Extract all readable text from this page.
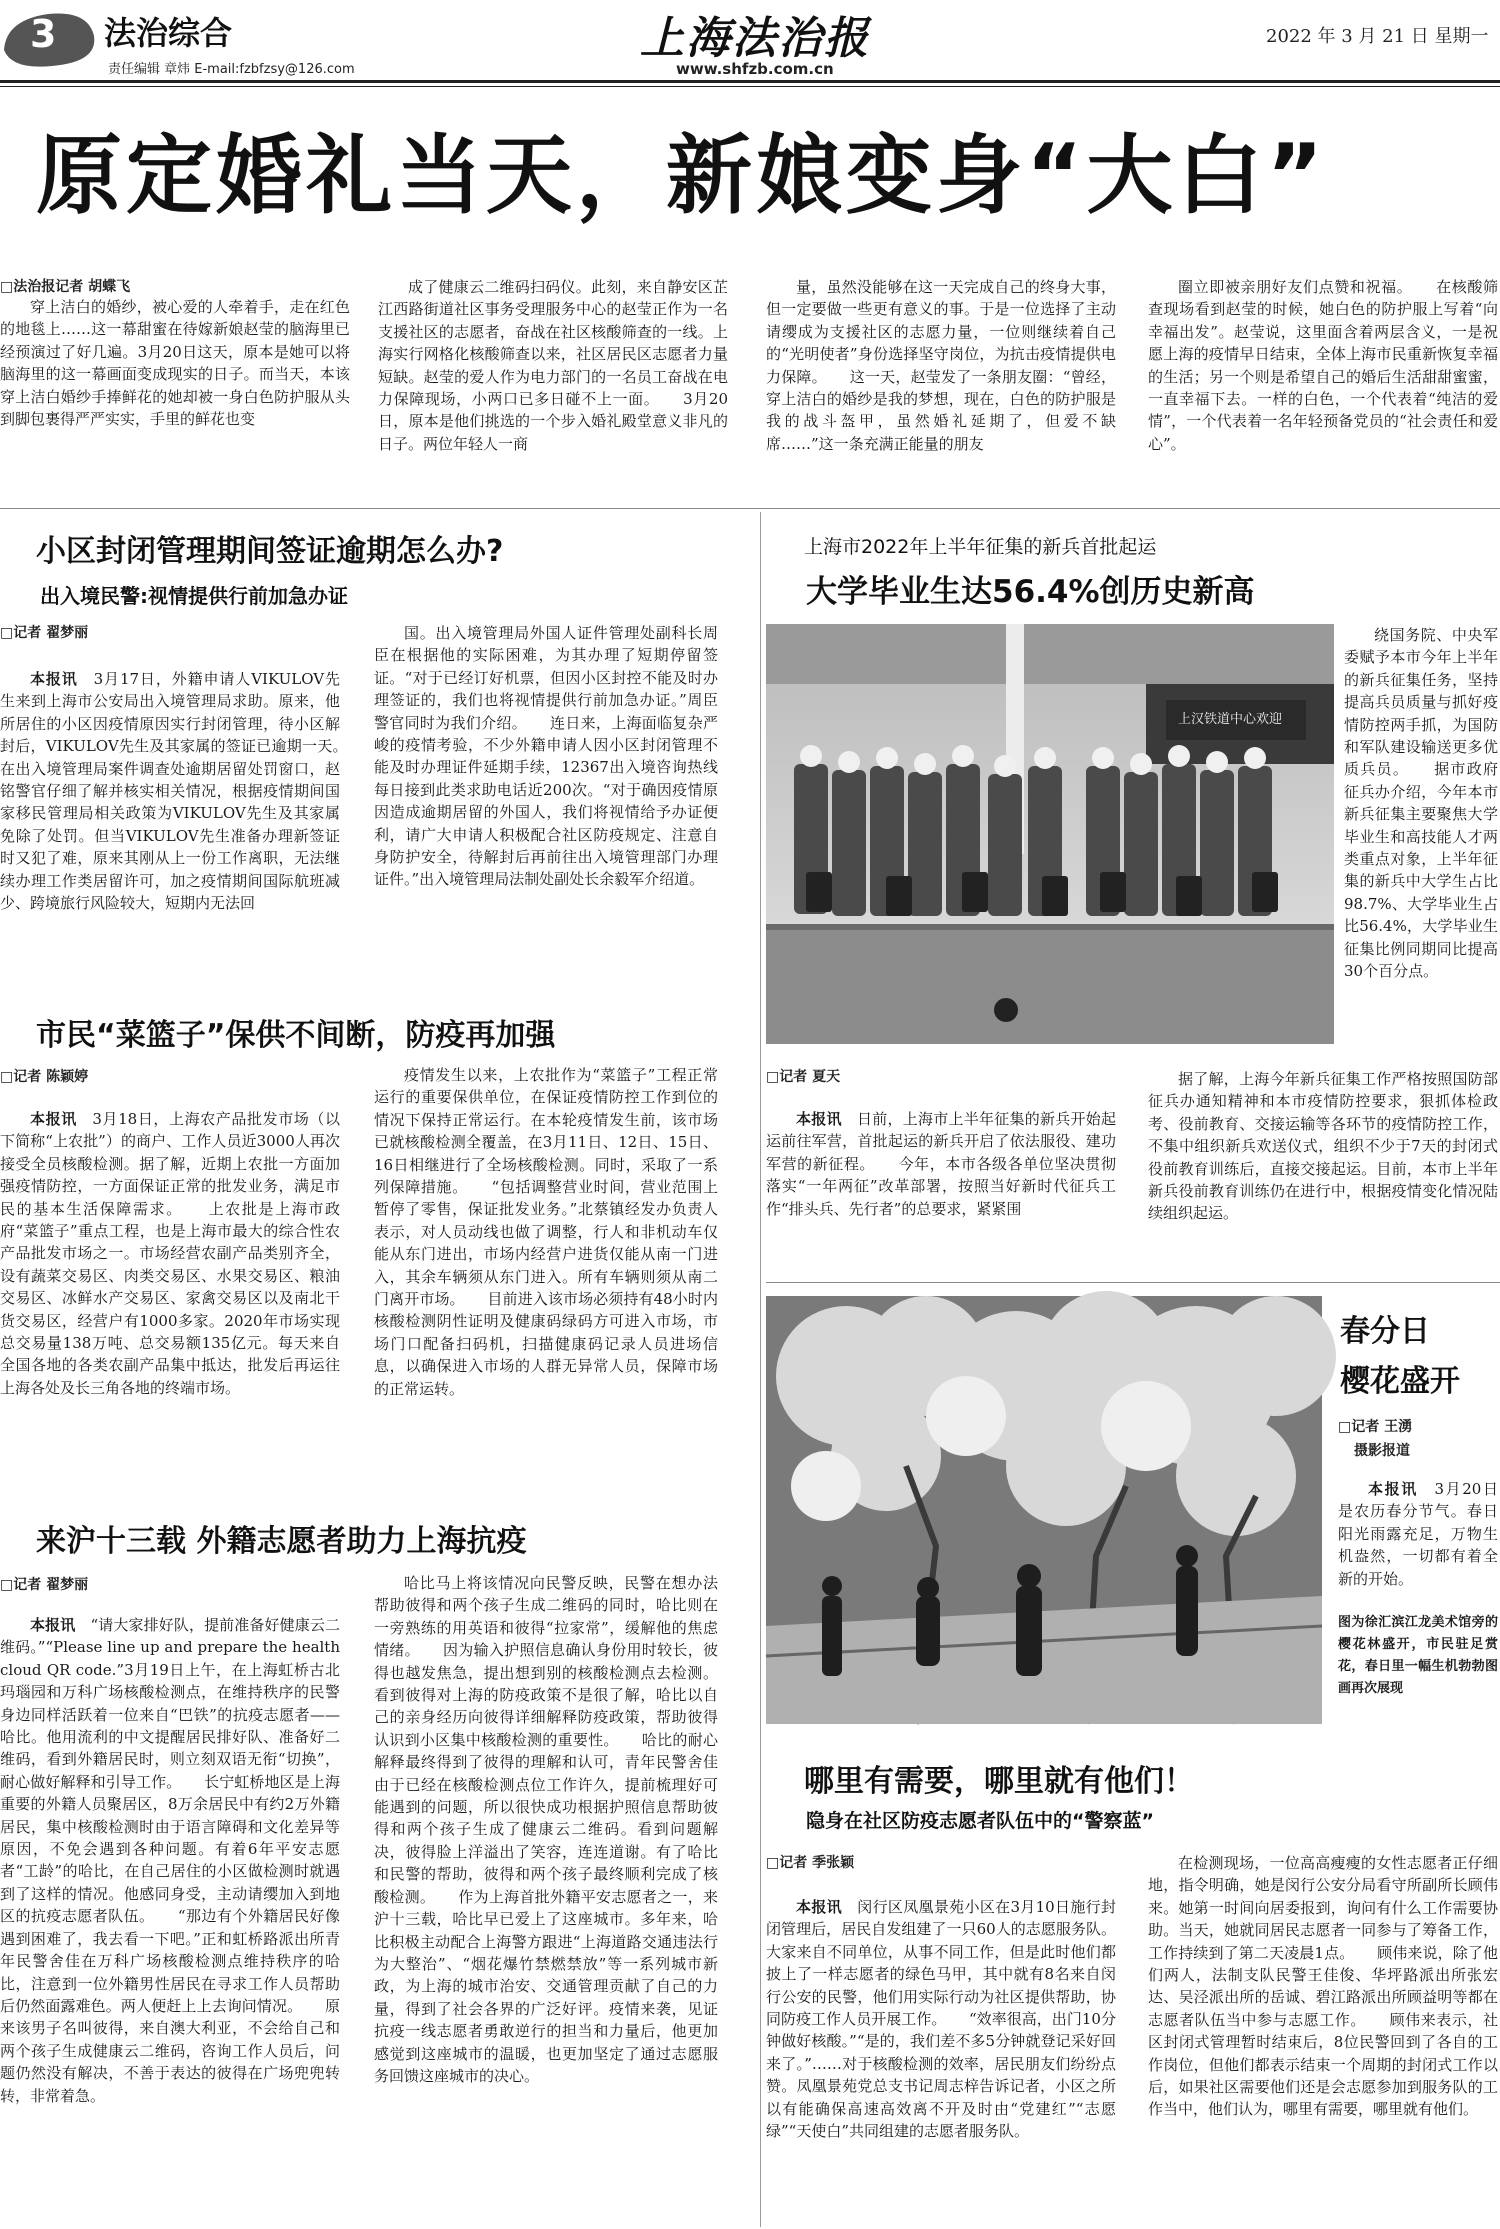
3 法治综合
责任编辑 章炜 E-mail:fzbfzsy@126.com
上海法治报
www.shfzb.com.cn
2022 年 3 月 21 日 星期一
原定婚礼当天，新娘变身“大白”
□法治报记者 胡蝶飞

穿上洁白的婚纱，被心爱的人牵着手，走在红色的地毯上……这一幕甜蜜在待嫁新娘赵莹的脑海里已经预演过了好几遍。3月20日这天，原本是她可以将脑海里的这一幕画面变成现实的日子。而当天，本该穿上洁白婚纱手捧鲜花的她却被一身白色防护服从头到脚包裹得严严实实，手里的鲜花也变

成了健康云二维码扫码仪。此刻，来自静安区芷江西路街道社区事务受理服务中心的赵莹正作为一名支援社区的志愿者，奋战在社区核酸筛查的一线。上海实行网格化核酸筛查以来，社区居民区志愿者力量短缺。赵莹的爱人作为电力部门的一名员工奋战在电力保障现场，小两口已多日碰不上一面。　　3月20日，原本是他们挑选的一个步入婚礼殿堂意义非凡的日子。两位年轻人一商

量，虽然没能够在这一天完成自己的终身大事，但一定要做一些更有意义的事。于是一位选择了主动请缨成为支援社区的志愿力量，一位则继续着自己的“光明使者”身份选择坚守岗位，为抗击疫情提供电力保障。　　这一天，赵莹发了一条朋友圈：“曾经，穿上洁白的婚纱是我的梦想，现在，白色的防护服是我的战斗盔甲，虽然婚礼延期了，但爱不缺席……”这一条充满正能量的朋友

圈立即被亲朋好友们点赞和祝福。　　在核酸筛查现场看到赵莹的时候，她白色的防护服上写着“向幸福出发”。赵莹说，这里面含着两层含义，一是祝愿上海的疫情早日结束，全体上海市民重新恢复幸福的生活；另一个则是希望自己的婚后生活甜甜蜜蜜，一直幸福下去。一样的白色，一个代表着“纯洁的爱情”，一个代表着一名年轻预备党员的“社会责任和爱心”。

小区封闭管理期间签证逾期怎么办?
出入境民警:视情提供行前加急办证
□记者 翟梦丽

本报讯　 3月17日，外籍申请人VIKULOV先生来到上海市公安局出入境管理局求助。原来，他所居住的小区因疫情原因实行封闭管理，待小区解封后，VIKULOV先生及其家属的签证已逾期一天。　　在出入境管理局案件调查处逾期居留处罚窗口，赵铭警官仔细了解并核实相关情况，根据疫情期间国家移民管理局相关政策为VIKULOV先生及其家属免除了处罚。但当VIKULOV先生准备办理新签证时又犯了难，原来其刚从上一份工作离职，无法继续办理工作类居留许可，加之疫情期间国际航班减少、跨境旅行风险较大，短期内无法回

国。出入境管理局外国人证件管理处副科长周臣在根据他的实际困难，为其办理了短期停留签证。“对于已经订好机票，但因小区封控不能及时办理签证的，我们也将视情提供行前加急办证。”周臣警官同时为我们介绍。　　连日来，上海面临复杂严峻的疫情考验，不少外籍申请人因小区封闭管理不能及时办理证件延期手续，12367出入境咨询热线每日接到此类求助电话近200次。“对于确因疫情原因造成逾期居留的外国人，我们将视情给予办证便利，请广大申请人积极配合社区防疫规定、注意自身防护安全，待解封后再前往出入境管理部门办理证件。”出入境管理局法制处副处长余毅军介绍道。

市民“菜篮子”保供不间断，防疫再加强
□记者 陈颖婷

本报讯　 3月18日，上海农产品批发市场（以下简称“上农批”）的商户、工作人员近3000人再次接受全员核酸检测。据了解，近期上农批一方面加强疫情防控，一方面保证正常的批发业务，满足市民的基本生活保障需求。　　上农批是上海市政府“菜篮子”重点工程，也是上海市最大的综合性农产品批发市场之一。市场经营农副产品类别齐全，设有蔬菜交易区、肉类交易区、水果交易区、粮油交易区、冰鲜水产交易区、家禽交易区以及南北干货交易区，经营户有1000多家。2020年市场实现总交易量138万吨、总交易额135亿元。每天来自全国各地的各类农副产品集中抵达，批发后再运往上海各处及长三角各地的终端市场。

疫情发生以来，上农批作为“菜篮子”工程正常运行的重要保供单位，在保证疫情防控工作到位的情况下保持正常运行。在本轮疫情发生前，该市场已就核酸检测全覆盖，在3月11日、12日、15日、16日相继进行了全场核酸检测。同时，采取了一系列保障措施。　　“包括调整营业时间，营业范围上暂停了零售，保证批发业务。”北蔡镇经发办负责人表示，对人员动线也做了调整，行人和非机动车仅能从东门进出，市场内经营户进货仅能从南一门进入，其余车辆须从东门进入。所有车辆则须从南二门离开市场。　　目前进入该市场必须持有48小时内核酸检测阴性证明及健康码绿码方可进入市场，市场门口配备扫码机，扫描健康码记录人员进场信息，以确保进入市场的人群无异常人员，保障市场的正常运转。

来沪十三载 外籍志愿者助力上海抗疫
□记者 翟梦丽

本报讯　 “请大家排好队，提前准备好健康云二维码。”“Please line up and prepare the health cloud QR code.”3月19日上午，在上海虹桥古北玛瑙园和万科广场核酸检测点，在维持秩序的民警身边同样活跃着一位来自“巴铁”的抗疫志愿者——哈比。他用流利的中文提醒居民排好队、准备好二维码，看到外籍居民时，则立刻双语无衔“切换”，耐心做好解释和引导工作。　　长宁虹桥地区是上海重要的外籍人员聚居区，8万余居民中有约2万外籍居民，集中核酸检测时由于语言障碍和文化差异等原因，不免会遇到各种问题。有着6年平安志愿者“工龄”的哈比，在自己居住的小区做检测时就遇到了这样的情况。他感同身受，主动请缨加入到地区的抗疫志愿者队伍。　　“那边有个外籍居民好像遇到困难了，我去看一下吧。”正和虹桥路派出所青年民警舍佳在万科广场核酸检测点维持秩序的哈比，注意到一位外籍男性居民在寻求工作人员帮助后仍然面露难色。两人便赶上上去询问情况。　　原来该男子名叫彼得，来自澳大利亚，不会给自己和两个孩子生成健康云二维码，咨询工作人员后，问题仍然没有解决，不善于表达的彼得在广场兜兜转转，非常着急。

哈比马上将该情况向民警反映，民警在想办法帮助彼得和两个孩子生成二维码的同时，哈比则在一旁熟练的用英语和彼得“拉家常”，缓解他的焦虑情绪。　　因为输入护照信息确认身份用时较长，彼得也越发焦急，提出想到别的核酸检测点去检测。看到彼得对上海的防疫政策不是很了解，哈比以自己的亲身经历向彼得详细解释防疫政策，帮助彼得认识到小区集中核酸检测的重要性。　　哈比的耐心解释最终得到了彼得的理解和认可，青年民警舍佳由于已经在核酸检测点位工作许久，提前梳理好可能遇到的问题，所以很快成功根据护照信息帮助彼得和两个孩子生成了健康云二维码。看到问题解决，彼得脸上洋溢出了笑容，连连道谢。有了哈比和民警的帮助，彼得和两个孩子最终顺利完成了核酸检测。　　作为上海首批外籍平安志愿者之一，来沪十三载，哈比早已爱上了这座城市。多年来，哈比积极主动配合上海警方跟进“上海道路交通违法行为大整治”、“烟花爆竹禁燃禁放”等一系列城市新政，为上海的城市治安、交通管理贡献了自己的力量，得到了社会各界的广泛好评。疫情来袭，见证抗疫一线志愿者勇敢逆行的担当和力量后，他更加感觉到这座城市的温暖，也更加坚定了通过志愿服务回馈这座城市的决心。

上海市2022年上半年征集的新兵首批起运
大学毕业生达56.4%创历史新高
上汉铁道中心欢迎

绕国务院、中央军委赋予本市今年上半年的新兵征集任务，坚持提高兵员质量与抓好疫情防控两手抓，为国防和军队建设输送更多优质兵员。　　据市政府征兵办介绍，今年本市新兵征集主要聚焦大学毕业生和高技能人才两类重点对象，上半年征集的新兵中大学生占比98.7%、大学毕业生占比56.4%，大学毕业生征集比例同期同比提高30个百分点。

□记者 夏天

本报讯　 日前，上海市上半年征集的新兵开始起运前往军营，首批起运的新兵开启了依法服役、建功军营的新征程。　　今年，本市各级各单位坚决贯彻落实“一年两征”改革部署，按照当好新时代征兵工作“排头兵、先行者”的总要求，紧紧围

据了解，上海今年新兵征集工作严格按照国防部征兵办通知精神和本市疫情防控要求，狠抓体检政考、役前教育、交接运输等各环节的疫情防控工作，不集中组织新兵欢送仪式，组织不少于7天的封闭式役前教育训练后，直接交接起运。目前，本市上半年新兵役前教育训练仍在进行中，根据疫情变化情况陆续组织起运。

春分日
樱花盛开
□记者 王湧
摄影报道

本报讯　 3月20日是农历春分节气。春日阳光雨露充足，万物生机盎然，一切都有着全新的开始。

图为徐汇滨江龙美术馆旁的樱花林盛开，市民驻足赏花，春日里一幅生机勃勃图画再次展现

哪里有需要，哪里就有他们！
隐身在社区防疫志愿者队伍中的“警察蓝”
□记者 季张颖

本报讯　 闵行区凤凰景苑小区在3月10日施行封闭管理后，居民自发组建了一只60人的志愿服务队。大家来自不同单位，从事不同工作，但是此时他们都披上了一样志愿者的绿色马甲，其中就有8名来自闵行公安的民警，他们用实际行动为社区提供帮助，协同防疫工作人员开展工作。　　“效率很高，出门10分钟做好核酸。”“是的，我们差不多5分钟就登记采好回来了。”……对于核酸检测的效率，居民朋友们纷纷点赞。凤凰景苑党总支书记周志梓告诉记者，小区之所以有能确保高速高效离不开及时由“党建红”“志愿绿”“天使白”共同组建的志愿者服务队。

在检测现场，一位高高瘦瘦的女性志愿者正仔细地，指令明确，她是闵行公安分局看守所副所长顾伟来。她第一时间向居委报到，询问有什么工作需要协助。当天，她就同居民志愿者一同参与了筹备工作，工作持续到了第二天凌晨1点。　　顾伟来说，除了他们两人，法制支队民警王佳俊、华坪路派出所张宏达、吴泾派出所的岳诚、碧江路派出所顾益明等都在志愿者队伍当中参与志愿工作。　　顾伟来表示，社区封闭式管理暂时结束后，8位民警回到了各自的工作岗位，但他们都表示结束一个周期的封闭式工作以后，如果社区需要他们还是会志愿参加到服务队的工作当中，他们认为，哪里有需要，哪里就有他们。
